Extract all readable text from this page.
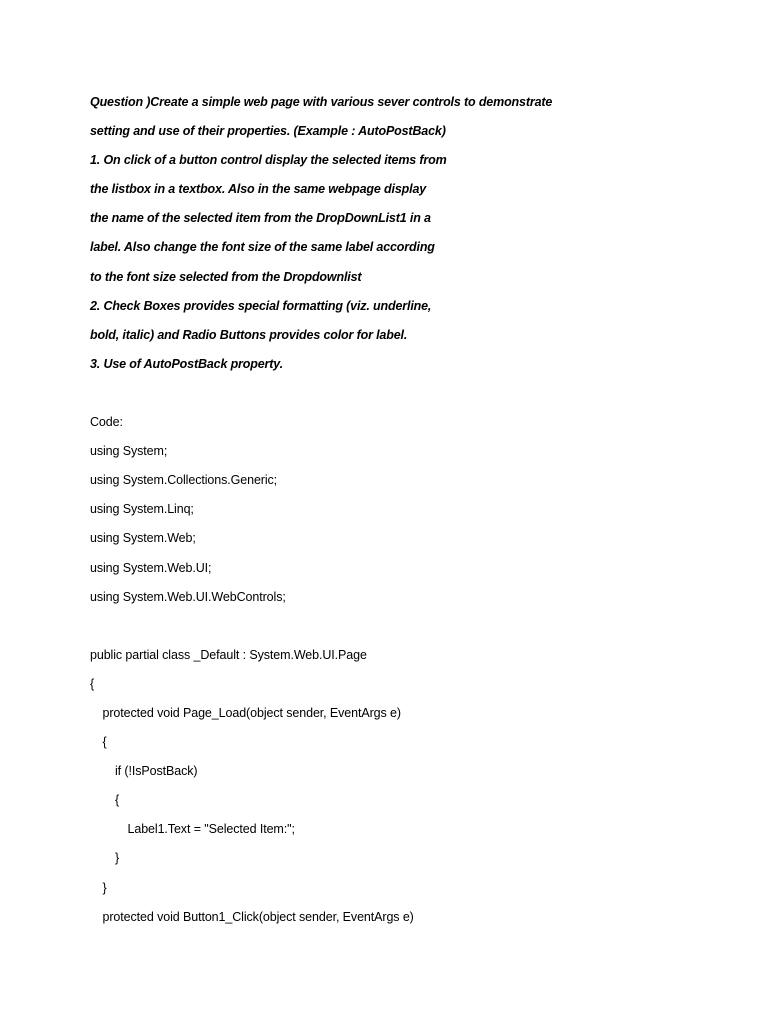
Question )Create a simple web page with various sever controls to demonstrate

setting and use of their properties. (Example : AutoPostBack)

1. On click of a button control display the selected items from

the listbox in a textbox. Also in the same webpage display

the name of the selected item from the DropDownList1 in a

label. Also change the font size of the same label according

to the font size selected from the Dropdownlist

2. Check Boxes provides special formatting (viz. underline,

bold, italic) and Radio Buttons provides color for label.

3. Use of AutoPostBack property.

Code:

using System;

using System.Collections.Generic;

using System.Linq;

using System.Web;

using System.Web.UI;

using System.Web.UI.WebControls;

public partial class _Default : System.Web.UI.Page

{

protected void Page_Load(object sender, EventArgs e)

{

if (!IsPostBack)

{

Label1.Text = "Selected Item:";

}

}

protected void Button1_Click(object sender, EventArgs e)
